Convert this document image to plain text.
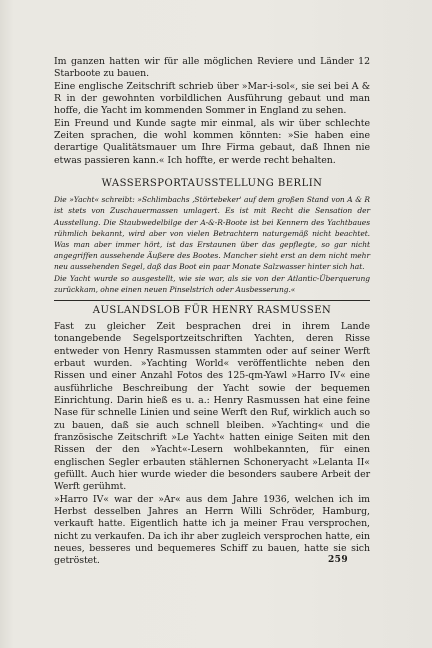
Im ganzen hatten wir für alle möglichen Reviere und Länder 12 Starboote zu bauen.

Eine englische Zeitschrift schrieb über »Mar-i-sol«, sie sei bei A & R in der gewohnten vorbildlichen Ausführung gebaut und man hoffe, die Yacht im kommenden Sommer in England zu sehen.

Ein Freund und Kunde sagte mir einmal, als wir über schlechte Zeiten sprachen, die wohl kommen könnten: »Sie haben eine derartige Qualitätsmauer um Ihre Firma gebaut, daß Ihnen nie etwas passieren kann.« Ich hoffte, er werde recht behalten.

WASSERSPORTAUSSTELLUNG BERLIN

Die »Yacht« schreibt: »Schlimbachs ‚Störtebeker' auf dem großen Stand von A & R ist stets von Zuschauermassen umlagert. Es ist mit Recht die Sensation der Ausstellung. Die Staubwedelbilge der A-&-R-Boote ist bei Kennern des Yachtbaues rühmlich bekannt, wird aber von vielen Betrachtern naturgemäß nicht beachtet. Was man aber immer hört, ist das Erstaunen über das gepflegte, so gar nicht angegriffen aussehende Äußere des Bootes. Mancher sieht erst an dem nicht mehr neu aussehenden Segel, daß das Boot ein paar Monate Salzwasser hinter sich hat.

Die Yacht wurde so ausgestellt, wie sie war, als sie von der Atlantic-Überquerung zurückkam, ohne einen neuen Pinselstrich oder Ausbesserung.«

AUSLANDSLOB FÜR HENRY RASMUSSEN

Fast zu gleicher Zeit besprachen drei in ihrem Lande tonangebende Segelsportzeitschriften Yachten, deren Risse entweder von Henry Rasmussen stammten oder auf seiner Werft erbaut wurden. »Yachting World« veröffentlichte neben den Rissen und einer Anzahl Fotos des 125-qm-Yawl »Harro IV« eine ausführliche Beschreibung der Yacht sowie der bequemen Einrichtung. Darin hieß es u. a.: Henry Rasmussen hat eine feine Nase für schnelle Linien und seine Werft den Ruf, wirklich auch so zu bauen, daß sie auch schnell bleiben. »Yachting« und die französische Zeitschrift »Le Yacht« hatten einige Seiten mit den Rissen der den »Yacht«-Lesern wohlbekannten, für einen englischen Segler erbauten stählernen Schoneryacht »Lelanta II« gefüllt. Auch hier wurde wieder die besonders saubere Arbeit der Werft gerühmt.

»Harro IV« war der »Ar« aus dem Jahre 1936, welchen ich im Herbst desselben Jahres an Herrn Willi Schröder, Hamburg, verkauft hatte. Eigentlich hatte ich ja meiner Frau versprochen, nicht zu verkaufen. Da ich ihr aber zugleich versprochen hatte, ein neues, besseres und bequemeres Schiff zu bauen, hatte sie sich getröstet.	259
